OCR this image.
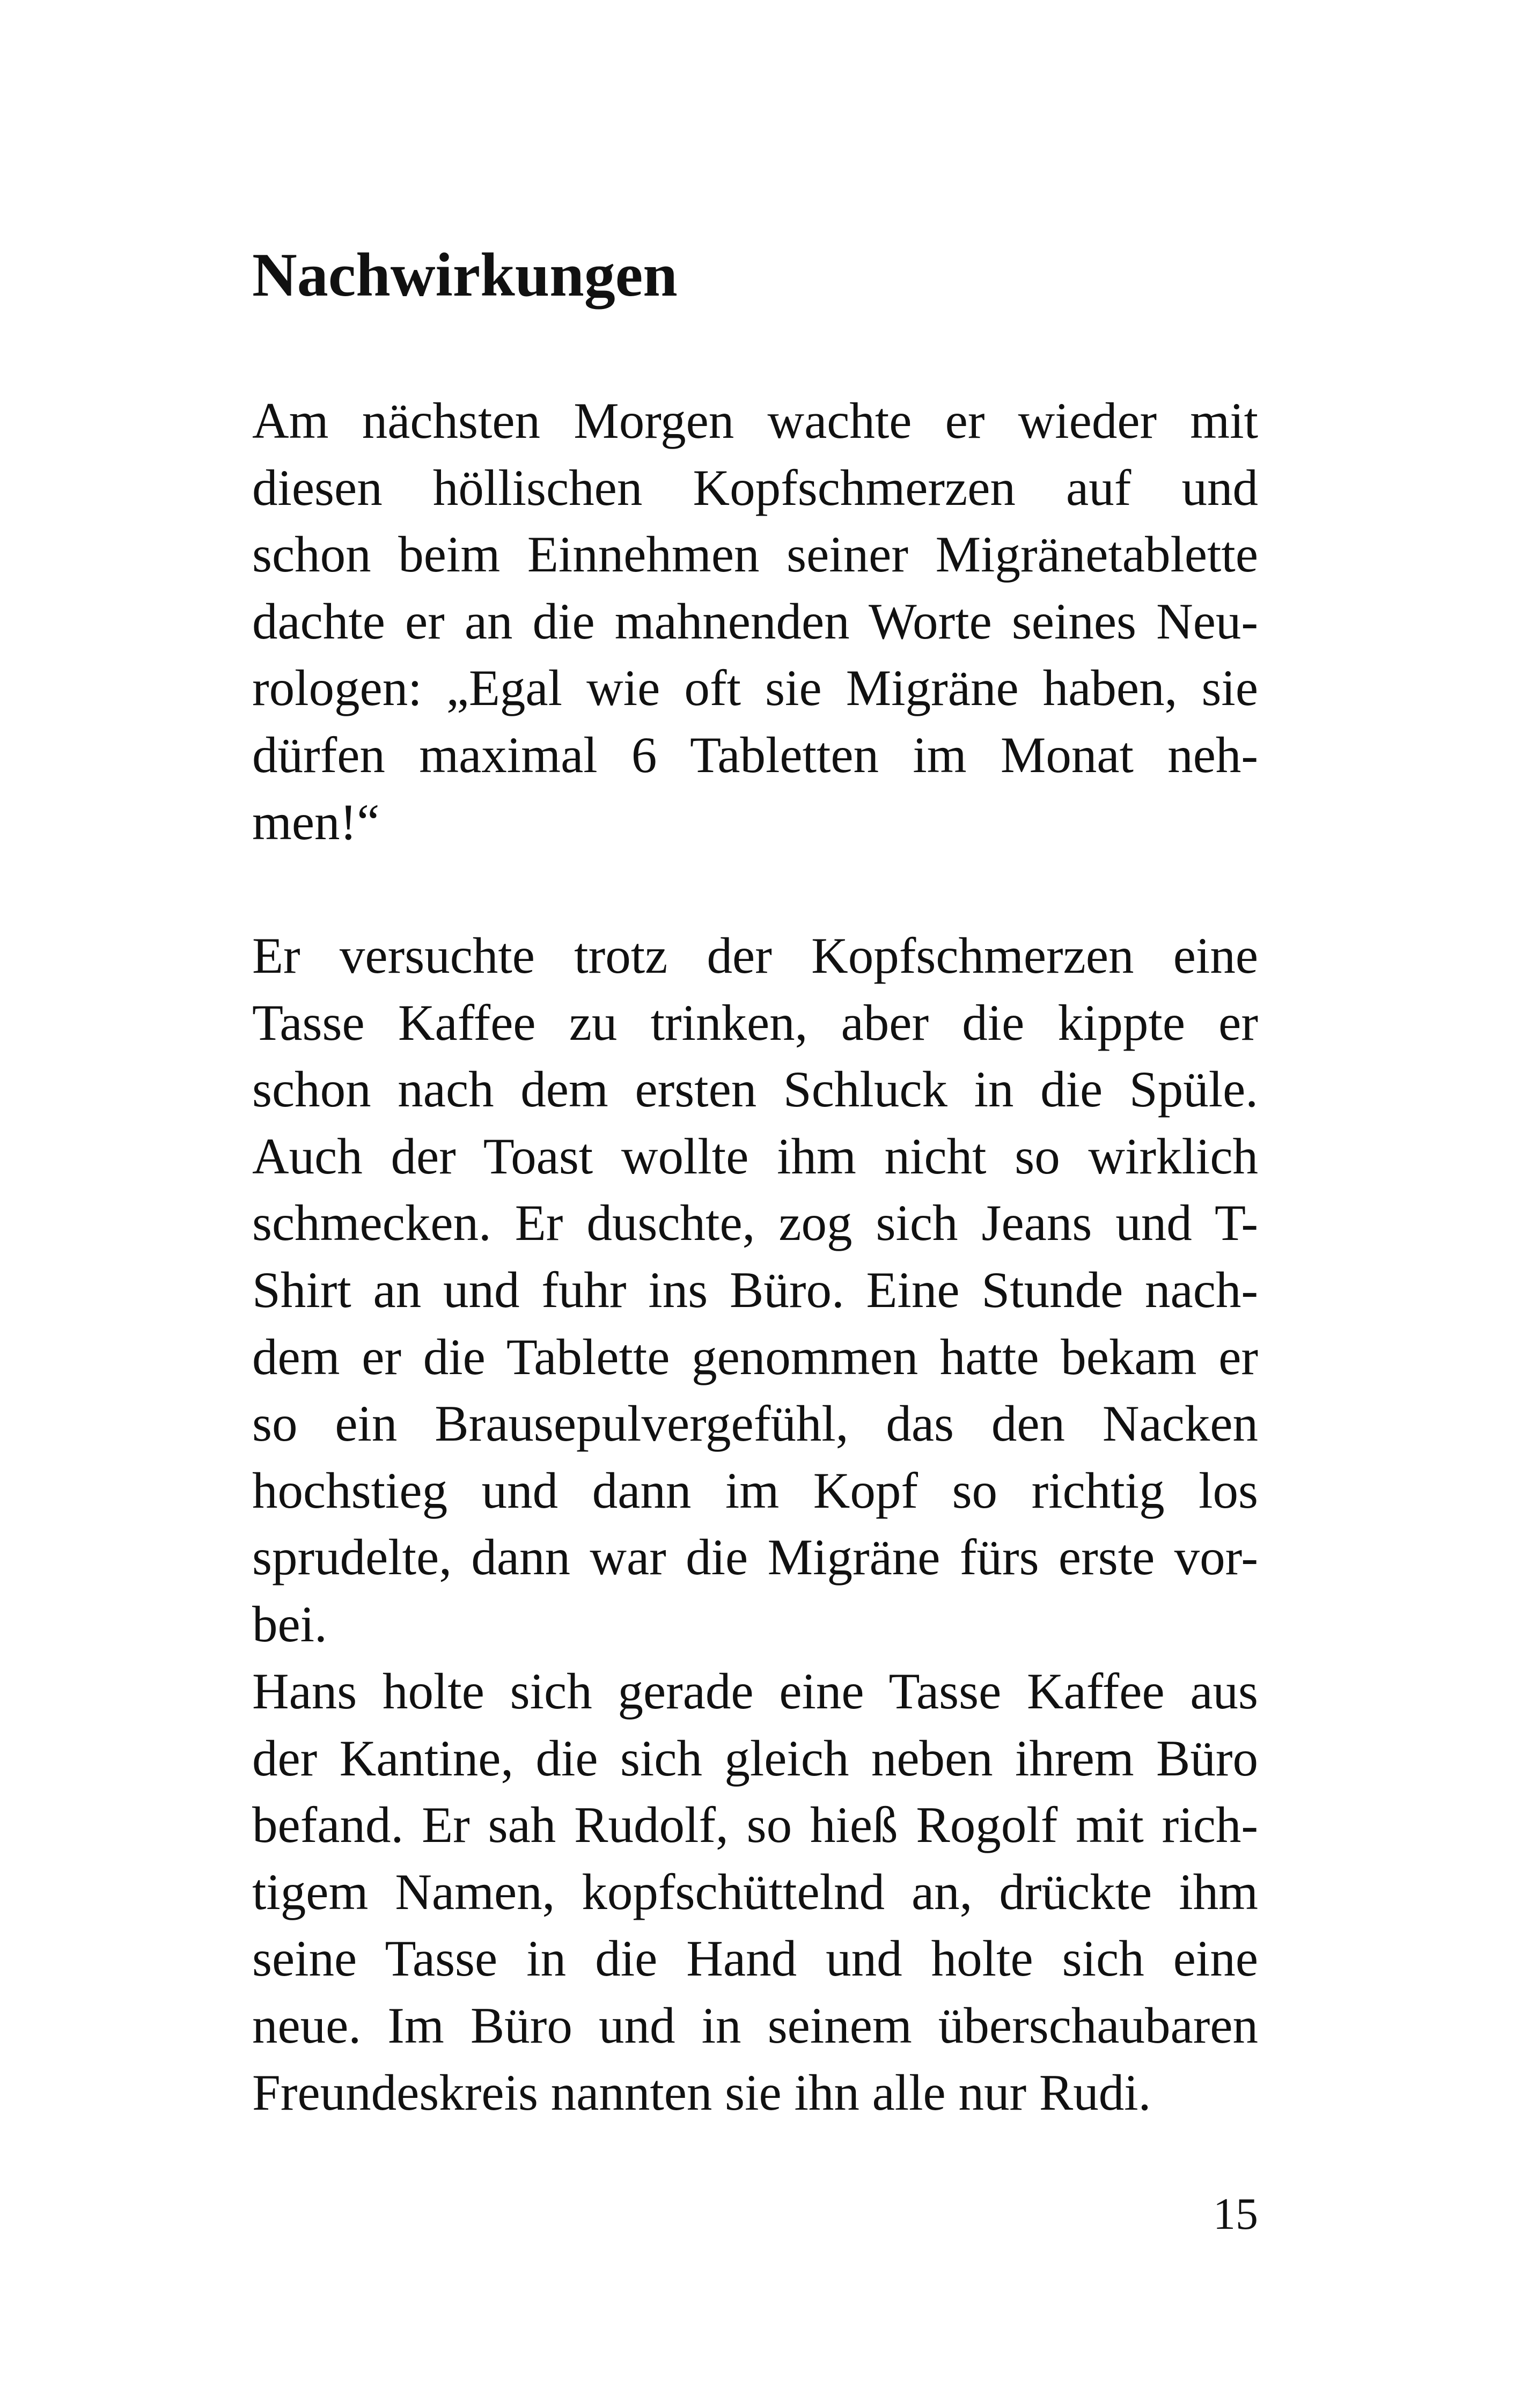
Nachwirkungen

Am nächsten Morgen wachte er wieder mit
diesen höllischen Kopfschmerzen auf und
schon beim Einnehmen seiner Migränetablette
dachte er an die mahnenden Worte seines Neu-
rologen: „Egal wie oft sie Migräne haben, sie
dürfen maximal 6 Tabletten im Monat neh-
men!“

Er versuchte trotz der Kopfschmerzen eine
Tasse Kaffee zu trinken, aber die kippte er
schon nach dem ersten Schluck in die Spüle.
Auch der Toast wollte ihm nicht so wirklich
schmecken. Er duschte, zog sich Jeans und T-
Shirt an und fuhr ins Büro. Eine Stunde nach-
dem er die Tablette genommen hatte bekam er
so ein Brausepulvergefühl, das den Nacken
hochstieg und dann im Kopf so richtig los
sprudelte, dann war die Migräne fürs erste vor-
bei.

Hans holte sich gerade eine Tasse Kaffee aus
der Kantine, die sich gleich neben ihrem Büro
befand. Er sah Rudolf, so hieß Rogolf mit rich-
tigem Namen, kopfschüttelnd an, drückte ihm
seine Tasse in die Hand und holte sich eine
neue. Im Büro und in seinem überschaubaren
Freundeskreis nannten sie ihn alle nur Rudi.

15
